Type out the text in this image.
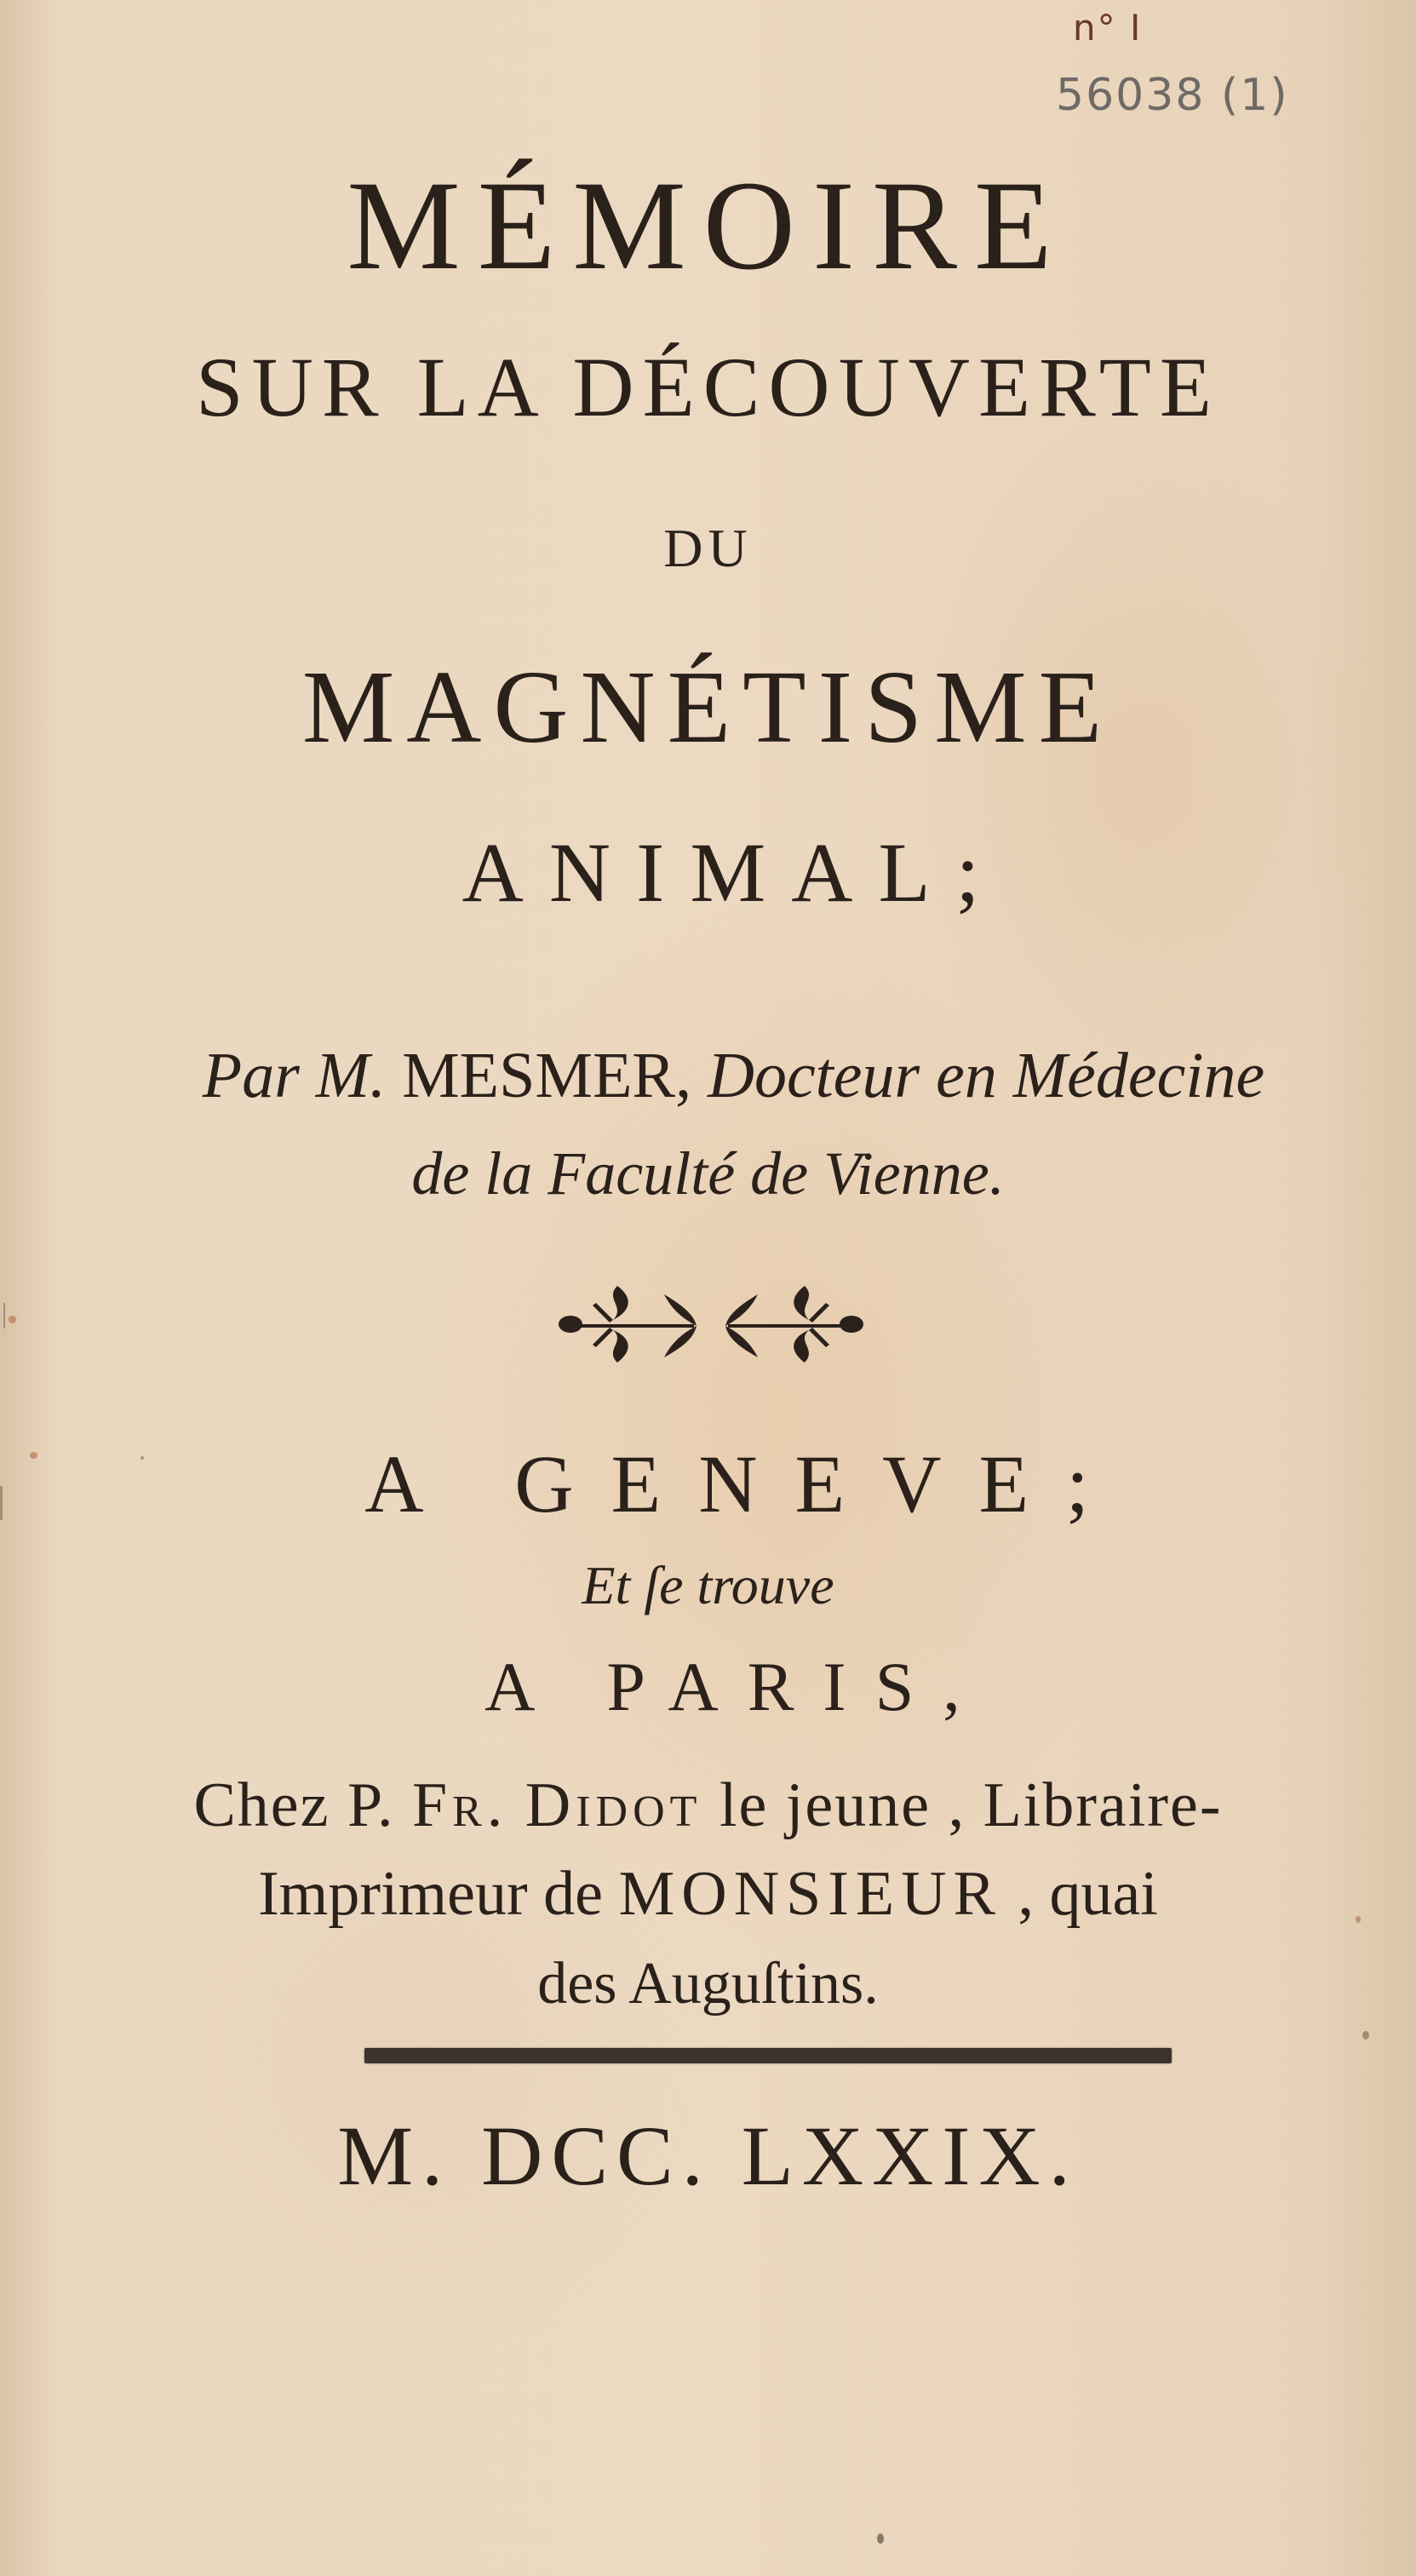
n° I
56038 (1)
MÉMOIRE
SUR LA DÉCOUVERTE
DU
MAGNÉTISME
ANIMAL;
Par M. MESMER, Docteur en Médecine
de la Faculté de Vienne.
A GENEVE;
Et ſe trouve
A PARIS,
Chez P. Fr. Didot le jeune , Libraire-
Imprimeur de MONSIEUR , quai
des Auguſtins.
M. DCC. LXXIX.
